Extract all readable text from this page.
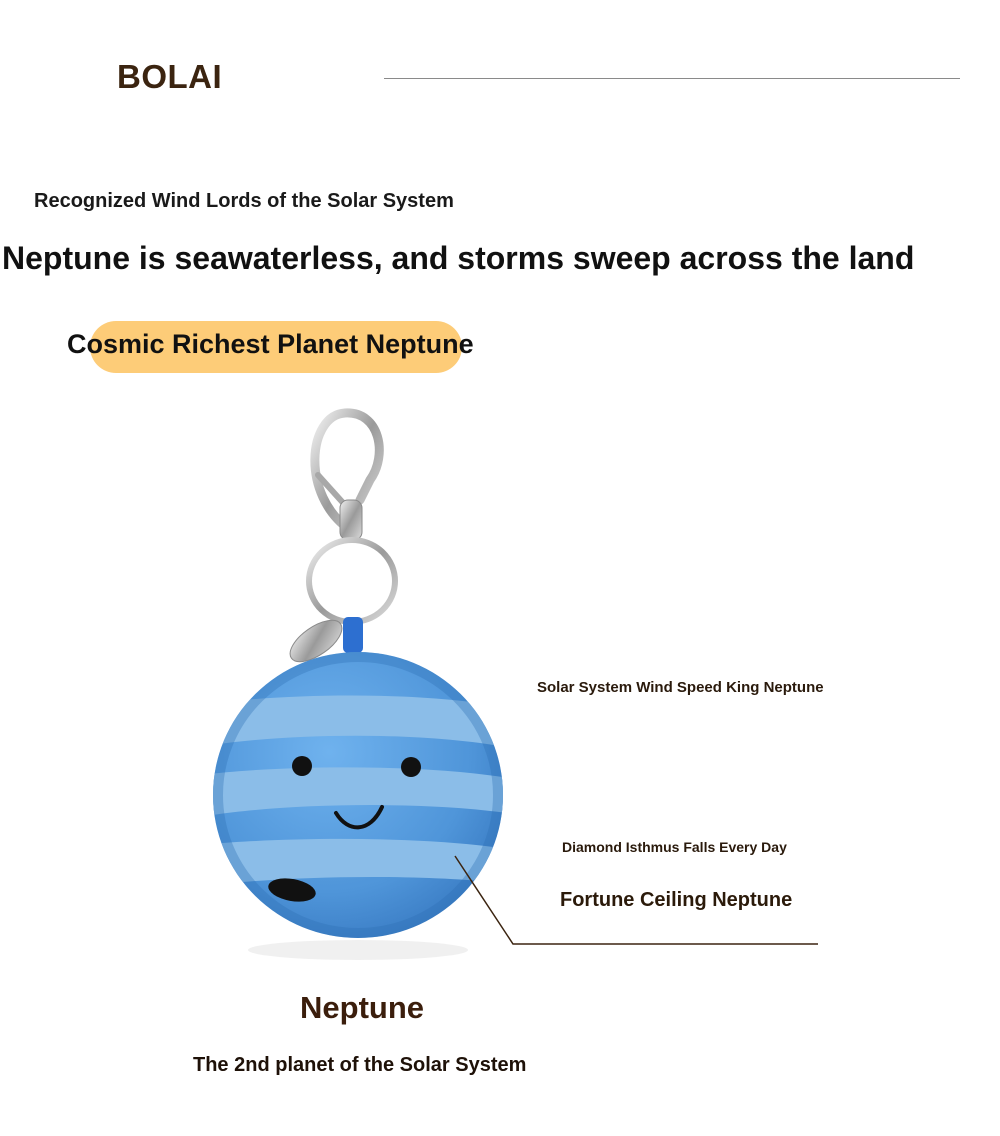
BOLAI
Recognized Wind Lords of the Solar System
Neptune is seawaterless, and storms sweep across the land
Cosmic Richest Planet Neptune
Solar System Wind Speed King Neptune
Diamond Isthmus Falls Every Day
Fortune Ceiling Neptune
Neptune
The 2nd planet of the Solar System
